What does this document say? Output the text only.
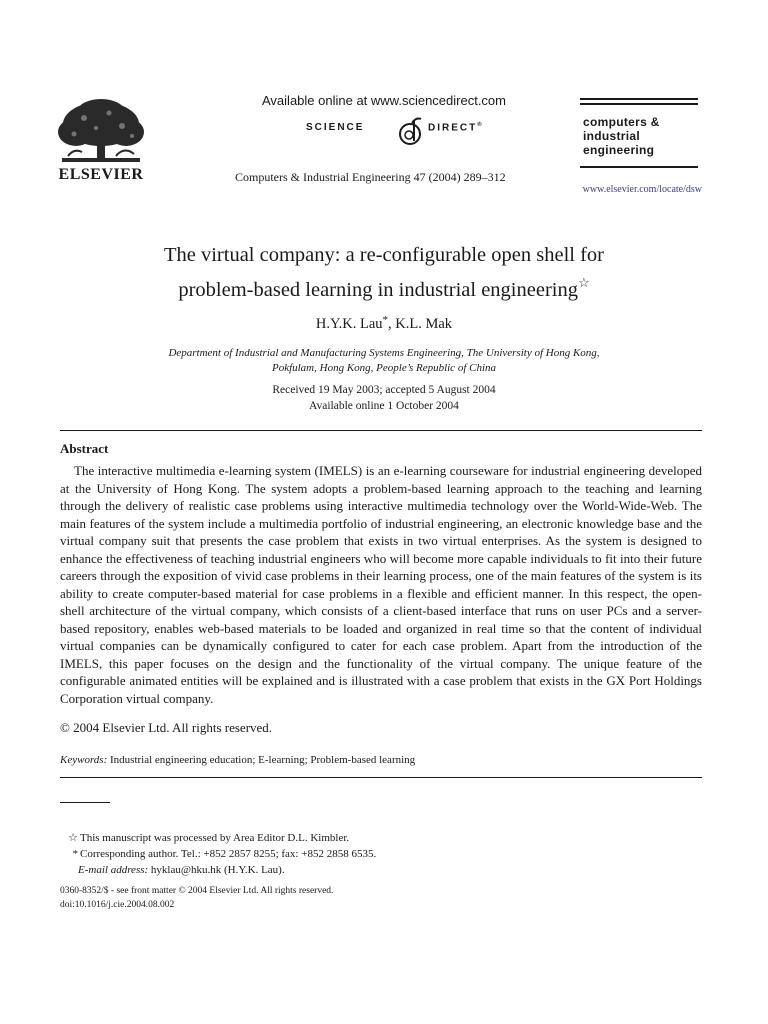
ELSEVIER
Available online at www.sciencedirect.com
SCIENCE	DIRECT®
Computers & Industrial Engineering 47 (2004) 289–312
computers &
industrial
engineering
www.elsevier.com/locate/dsw
The virtual company: a re-configurable open shell for
problem-based learning in industrial engineering☆
H.Y.K. Lau*, K.L. Mak
Department of Industrial and Manufacturing Systems Engineering, The University of Hong Kong,
Pokfulam, Hong Kong, People’s Republic of China
Received 19 May 2003; accepted 5 August 2004
Available online 1 October 2004
Abstract

The interactive multimedia e-learning system (IMELS) is an e-learning courseware for industrial engineering developed at the University of Hong Kong. The system adopts a problem-based learning approach to the teaching and learning through the delivery of realistic case problems using interactive multimedia technology over the World-Wide-Web. The main features of the system include a multimedia portfolio of industrial engineering, an electronic knowledge base and the virtual company suit that presents the case problem that exists in two virtual enterprises. As the system is designed to enhance the effectiveness of teaching industrial engineers who will become more capable individuals to fit into their future careers through the exposition of vivid case problems in their learning process, one of the main features of the system is its ability to create computer-based material for case problems in a flexible and efficient manner. In this respect, the open-shell architecture of the virtual company, which consists of a client-based interface that runs on user PCs and a server-based repository, enables web-based materials to be loaded and organized in real time so that the content of individual virtual companies can be dynamically configured to cater for each case problem. Apart from the introduction of the IMELS, this paper focuses on the design and the functionality of the virtual company. The unique feature of the configurable animated entities will be explained and is illustrated with a case problem that exists in the GX Port Holdings Corporation virtual company.

© 2004 Elsevier Ltd. All rights reserved.
Keywords: Industrial engineering education; E-learning; Problem-based learning
☆ This manuscript was processed by Area Editor D.L. Kimbler.
* Corresponding author. Tel.: +852 2857 8255; fax: +852 2858 6535.
E-mail address: hyklau@hku.hk (H.Y.K. Lau).
0360-8352/$ - see front matter © 2004 Elsevier Ltd. All rights reserved.
doi:10.1016/j.cie.2004.08.002
